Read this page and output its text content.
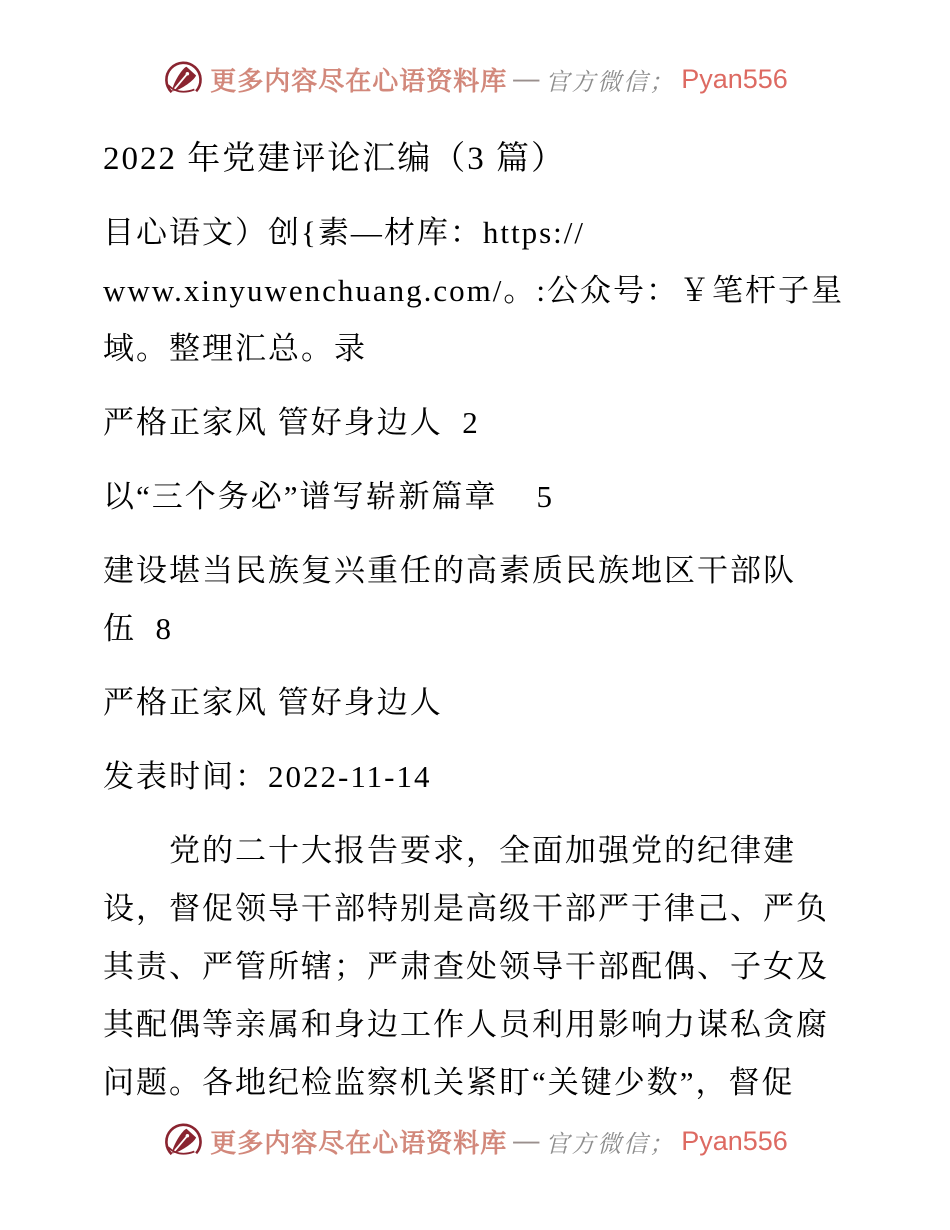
更多内容尽在心语资料库 — 官方微信； Pyan556
2022 年党建评论汇编（3 篇）
目心语文）创{素—材库：https://
www.xinyuwenchuang.com/。:公众号：￥笔杆子星
域。整理汇总。录
严格正家风 管好身边人  2
以“三个务必”谱写崭新篇章    5
建设堪当民族复兴重任的高素质民族地区干部队
伍  8
严格正家风 管好身边人
发表时间：2022-11-14
党的二十大报告要求，全面加强党的纪律建
设，督促领导干部特别是高级干部严于律己、严负
其责、严管所辖；严肃查处领导干部配偶、子女及
其配偶等亲属和身边工作人员利用影响力谋私贪腐
问题。各地纪检监察机关紧盯“关键少数”，督促
更多内容尽在心语资料库 — 官方微信； Pyan556
